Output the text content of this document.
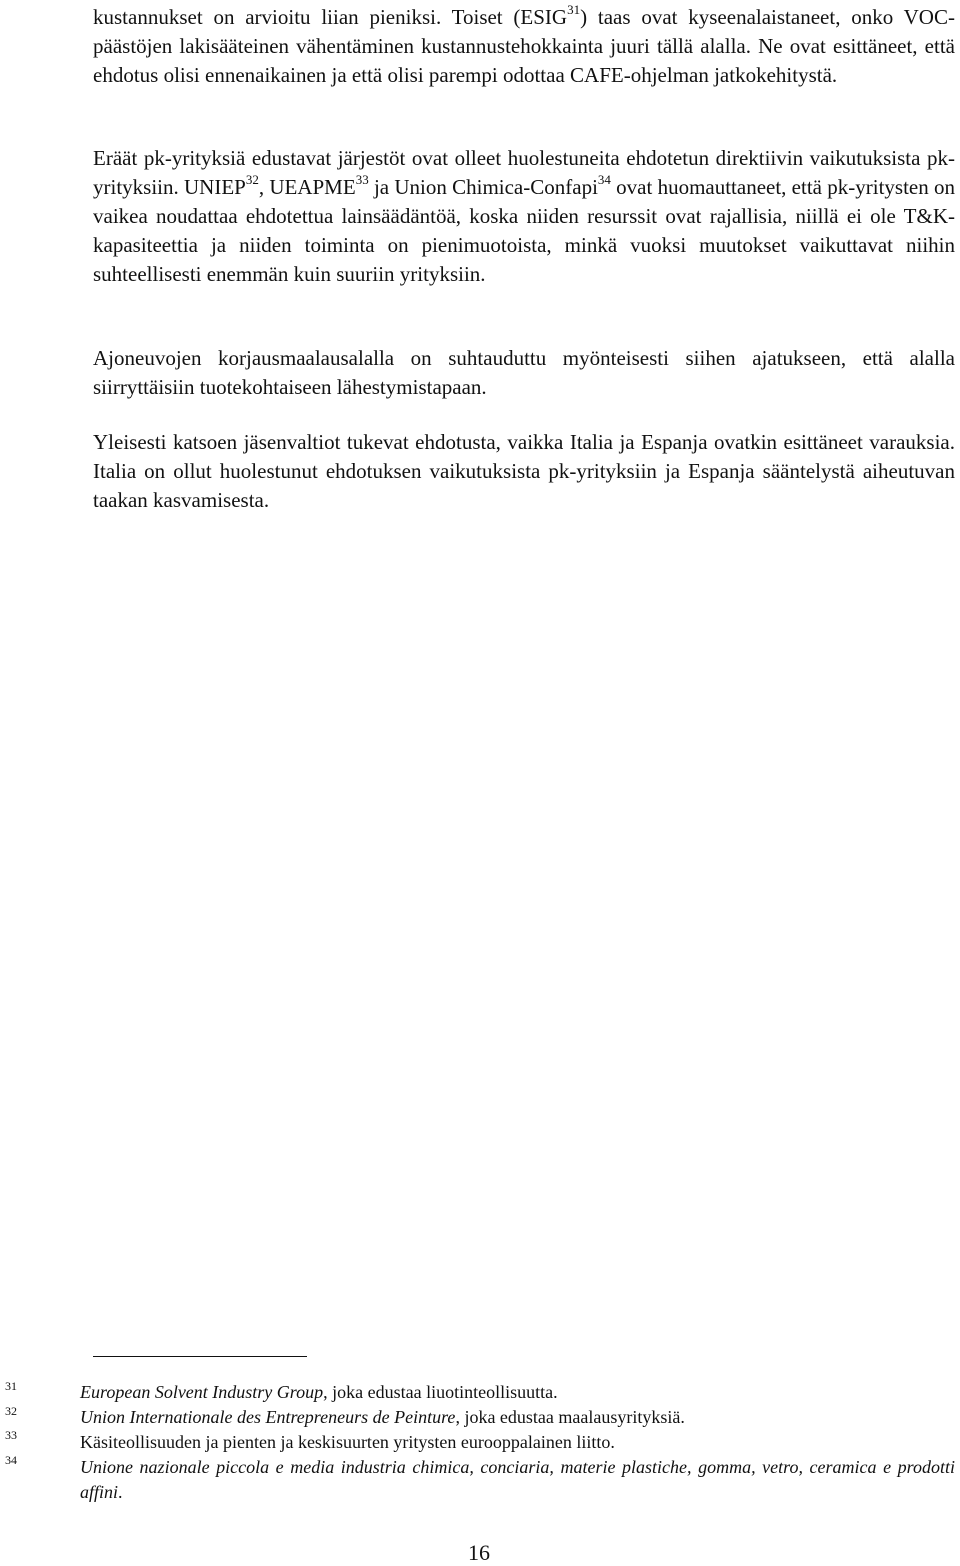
kustannukset on arvioitu liian pieniksi. Toiset (ESIG$^{31}$) taas ovat kyseenalaistaneet, onko VOC-päästöjen lakisääteinen vähentäminen kustannustehokkainta juuri tällä alalla. Ne ovat esittäneet, että ehdotus olisi ennenaikainen ja että olisi parempi odottaa CAFE-ohjelman jatkokehitystä.

Eräät pk-yrityksiä edustavat järjestöt ovat olleet huolestuneita ehdotetun direktiivin vaikutuksista pk-yrityksiin. UNIEP$^{32}$, UEAPME$^{33}$ ja Union Chimica-Confapi$^{34}$ ovat huomauttaneet, että pk-yritysten on vaikea noudattaa ehdotettua lainsäädäntöä, koska niiden resurssit ovat rajallisia, niillä ei ole T&K-kapasiteettia ja niiden toiminta on pienimuotoista, minkä vuoksi muutokset vaikuttavat niihin suhteellisesti enemmän kuin suuriin yrityksiin.

Ajoneuvojen korjausmaalausalalla on suhtauduttu myönteisesti siihen ajatukseen, että alalla siirryttäisiin tuotekohtaiseen lähestymistapaan.

Yleisesti katsoen jäsenvaltiot tukevat ehdotusta, vaikka Italia ja Espanja ovatkin esittäneet varauksia. Italia on ollut huolestunut ehdotuksen vaikutuksista pk-yrityksiin ja Espanja sääntelystä aiheutuvan taakan kasvamisesta.

31
32
33
34

European Solvent Industry Group, joka edustaa liuotinteollisuutta.

Union Internationale des Entrepreneurs de Peinture, joka edustaa maalausyrityksiä.

Käsiteollisuuden ja pienten ja keskisuurten yritysten eurooppalainen liitto.

Unione nazionale piccola e media industria chimica, conciaria, materie plastiche, gomma, vetro, ceramica e prodotti affini.

16
